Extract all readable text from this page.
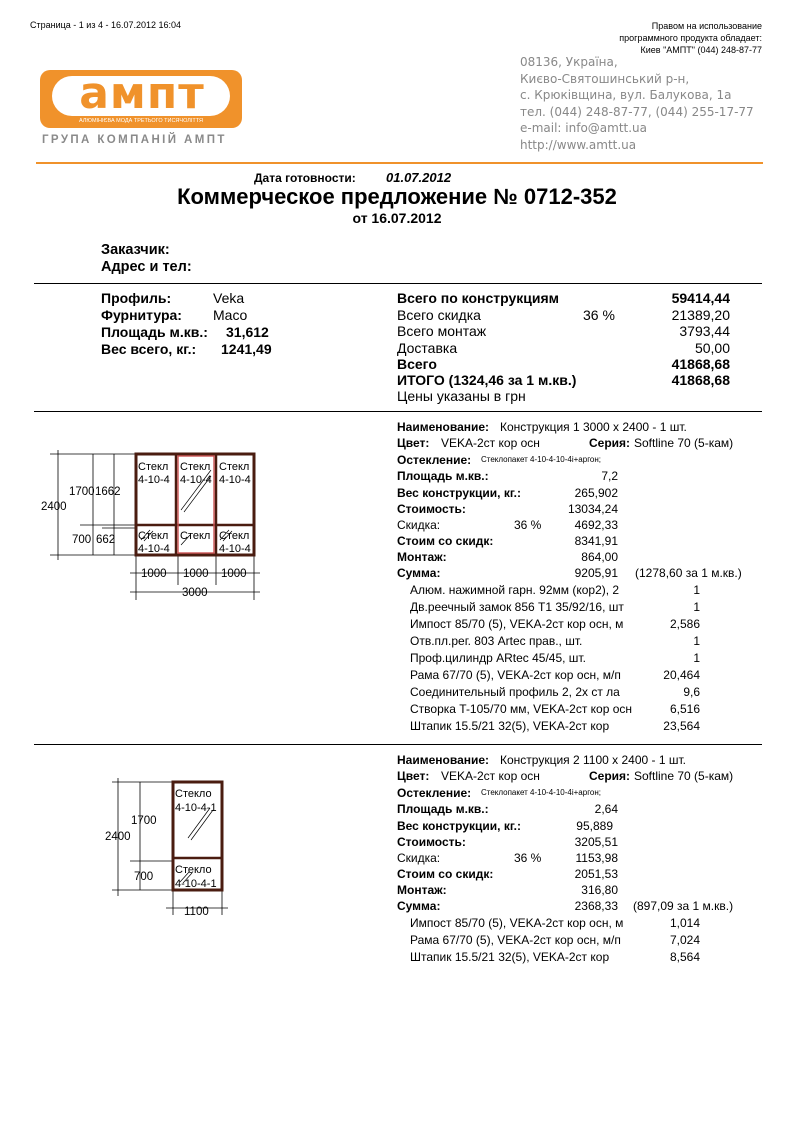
Страница - 1 из 4 - 16.07.2012 16:04	Правом на использование
программного продукта обладает:
Киев "АМПТ" (044) 248-87-77
ампт
АЛЮМІНІЄВА МОДА ТРЕТЬОГО ТИСЯЧОЛІТТЯ
ГРУПА КОМПАНІЙ АМПТ
08136, Україна,
Києво-Святошинський р-н,
с. Крюківщина, вул. Балукова, 1а
тел. (044) 248-87-77, (044) 255-17-77
e-mail: info@amtt.ua
http://www.amtt.ua
Дата готовности: 01.07.2012
Коммерческое предложение № 0712-352
от 16.07.2012
Заказчик:
Адрес и тел:
Профиль:	Veka
Фурнитура: Maco
Площадь м.кв.: 31,612
Вес всего, кг.: 1241,49
Всего по конструкциям	59414,44
Всего скидка	36 %	21389,20
Всего монтаж	3793,44
Доставка	50,00
Всего	41868,68
ИТОГО (1324,46 за 1 м.кв.)	41868,68
Цены указаны в грн
Стекл
4-10-4
Стекл
4-10-4
Стекл
4-10-4
Стекл
4-10-4
Стекл Стекл
4-10-4
2400
1700 1662
700 662
1000 1000 1000
3000
Наименование: Конструкция 1 3000 x 2400 - 1 шт.
Цвет: VEKA-2ст кор осн	Серия: Softline 70 (5-кам)
Остекление: Стеклопакет 4-10-4-10-4i+аргон;
Площадь м.кв.:	7,2
Вес конструкции, кг.:	265,902
Стоимость:	13034,24
Скидка:	36 %	4692,33
Стоим со скидк:	8341,91
Монтаж:	864,00
Сумма:	9205,91 (1278,60 за 1 м.кв.)
Алюм. нажимной гарн. 92мм (кор2), 2	1
Дв.реечный замок 856 T1 35/92/16, шт	1
Импост 85/70 (5), VEKA-2ст кор осн, м	2,586
Отв.пл.рег. 803 Artec прав., шт.	1
Проф.цилиндр ARtec 45/45, шт.	1
Рама 67/70 (5), VEKA-2ст кор осн, м/п	20,464
Соединительный профиль 2, 2х ст ла	9,6
Створка T-105/70 мм, VEKA-2ст кор осн	6,516
Штапик 15.5/21 32(5), VEKA-2ст кор	23,564
Стекло
4-10-4-1
Стекло
4-10-4-1
2400
1700
700
1100
Наименование: Конструкция 2 1100 x 2400 - 1 шт.
Цвет: VEKA-2ст кор осн	Серия: Softline 70 (5-кам)
Остекление: Стеклопакет 4-10-4-10-4i+аргон;
Площадь м.кв.:	2,64
Вес конструкции, кг.:	95,889
Стоимость:	3205,51
Скидка:	36 %	1153,98
Стоим со скидк:	2051,53
Монтаж:	316,80
Сумма:	2368,33 (897,09 за 1 м.кв.)
Импост 85/70 (5), VEKA-2ст кор осн, м	1,014
Рама 67/70 (5), VEKA-2ст кор осн, м/п	7,024
Штапик 15.5/21 32(5), VEKA-2ст кор	8,564
